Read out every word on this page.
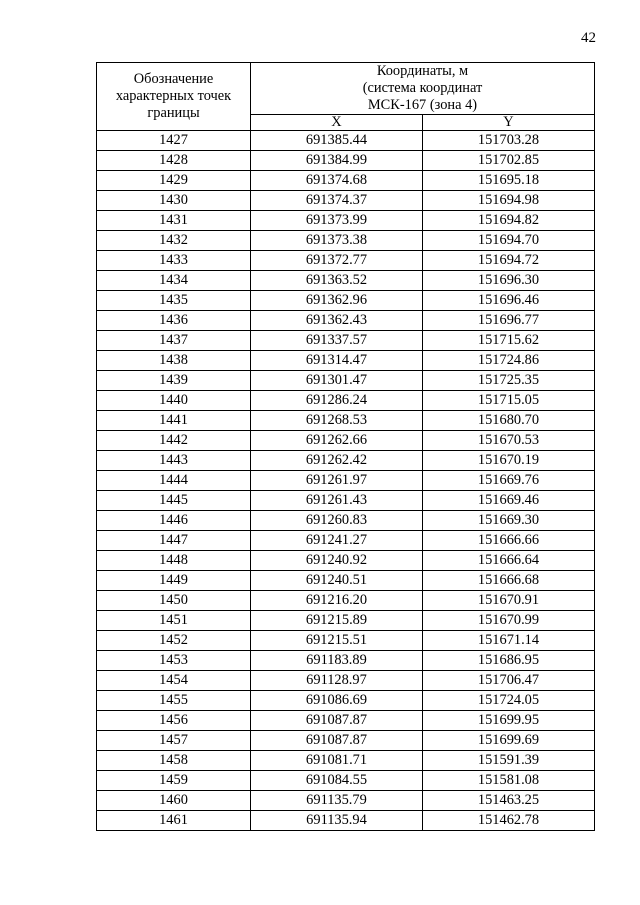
42
Обозначение
характерных точек
границы	Координаты, м
(система координат
МСК-167 (зона 4)	

	X	Y
1427	691385.44	151703.28
1428	691384.99	151702.85
1429	691374.68	151695.18
1430	691374.37	151694.98
1431	691373.99	151694.82
1432	691373.38	151694.70
1433	691372.77	151694.72
1434	691363.52	151696.30
1435	691362.96	151696.46
1436	691362.43	151696.77
1437	691337.57	151715.62
1438	691314.47	151724.86
1439	691301.47	151725.35
1440	691286.24	151715.05
1441	691268.53	151680.70
1442	691262.66	151670.53
1443	691262.42	151670.19
1444	691261.97	151669.76
1445	691261.43	151669.46
1446	691260.83	151669.30
1447	691241.27	151666.66
1448	691240.92	151666.64
1449	691240.51	151666.68
1450	691216.20	151670.91
1451	691215.89	151670.99
1452	691215.51	151671.14
1453	691183.89	151686.95
1454	691128.97	151706.47
1455	691086.69	151724.05
1456	691087.87	151699.95
1457	691087.87	151699.69
1458	691081.71	151591.39
1459	691084.55	151581.08
1460	691135.79	151463.25
1461	691135.94	151462.78
